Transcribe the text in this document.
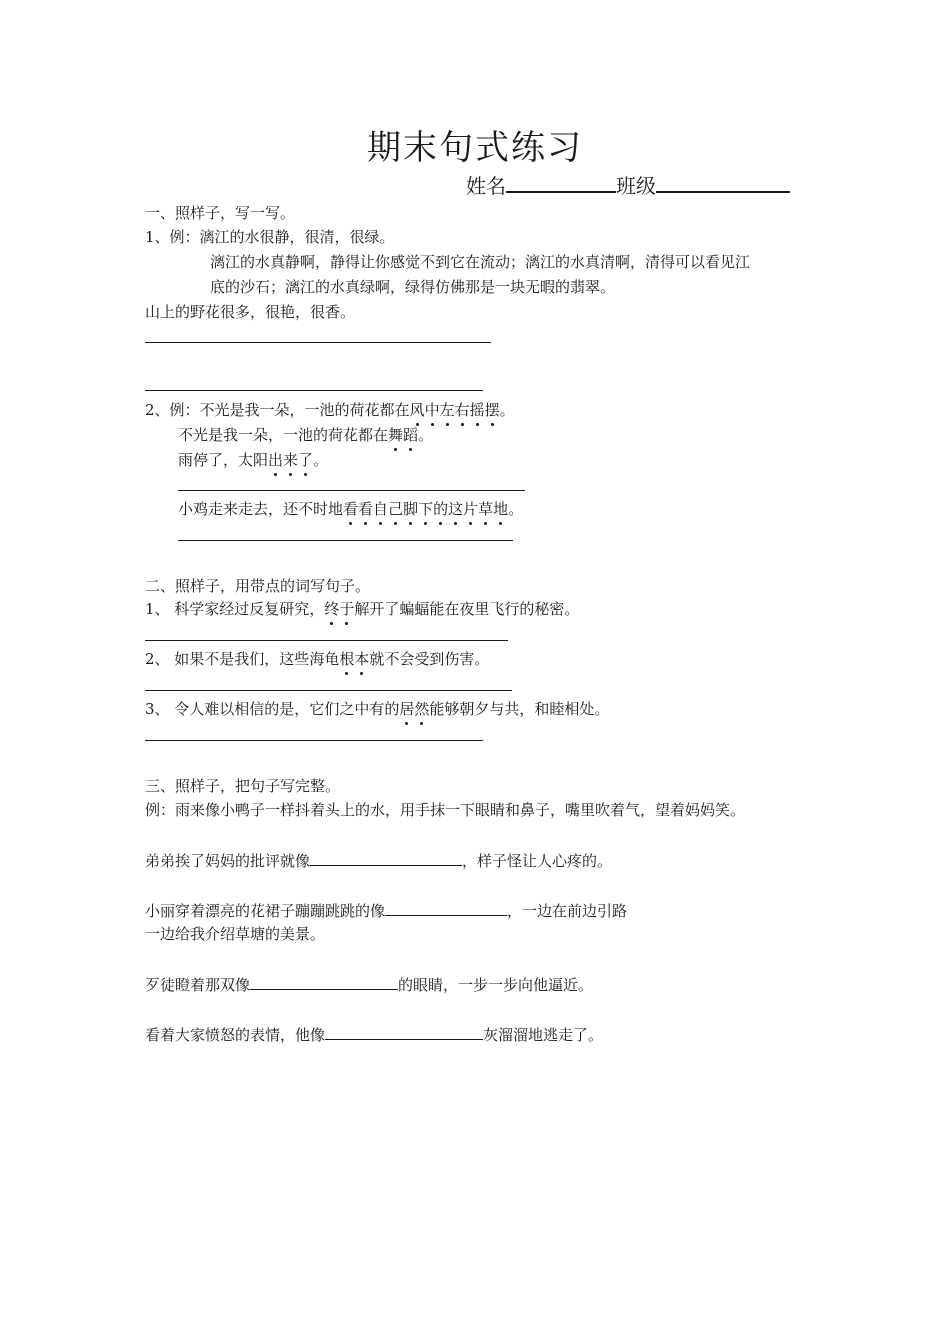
期末句式练习
姓名	班级
一、照样子，写一写。
1、例：漓江的水很静，很清，很绿。
漓江的水真静啊，静得让你感觉不到它在流动；漓江的水真清啊，清得可以看见江
底的沙石；漓江的水真绿啊，绿得仿佛那是一块无暇的翡翠。
山上的野花很多，很艳，很香。
2、例：不光是我一朵，一池的荷花都在风中左右摇摆。
不光是我一朵，一池的荷花都在舞蹈。
雨停了，太阳出来了。
小鸡走来走去，还不时地看看自己脚下的这片草地。
二、照样子，用带点的词写句子。
1、 科学家经过反复研究，终于解开了蝙蝠能在夜里飞行的秘密。
2、 如果不是我们，这些海龟根本就不会受到伤害。
3、 令人难以相信的是，它们之中有的居然能够朝夕与共，和睦相处。
三、照样子，把句子写完整。
例：雨来像小鸭子一样抖着头上的水，用手抹一下眼睛和鼻子，嘴里吹着气，望着妈妈笑。
弟弟挨了妈妈的批评就像	，样子怪让人心疼的。
小丽穿着漂亮的花裙子蹦蹦跳跳的像	，一边在前边引路
一边给我介绍草塘的美景。
歹徒瞪着那双像	的眼睛，一步一步向他逼近。
看着大家愤怒的表情，他像	灰溜溜地逃走了。
